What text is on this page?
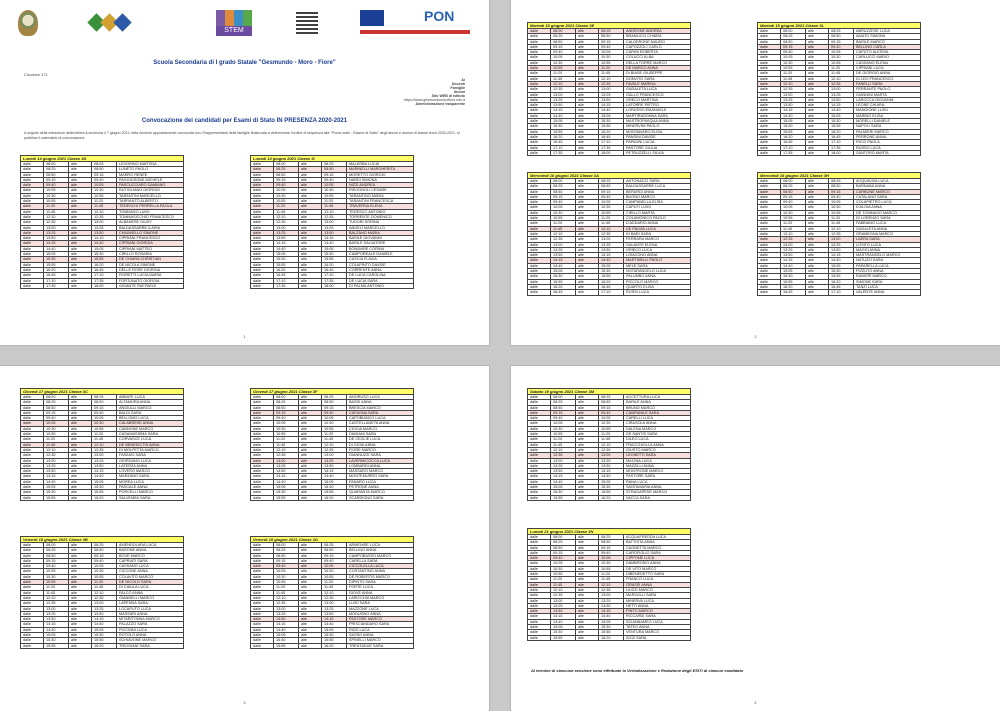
STEM
PON
Scuola Secondaria di I grado Statale "Gesmundo - Moro - Fiore"
Circolare 171
Ai
Docenti
Famiglie
Alunni
Sito WEB di Istituto
https://www.gesmundomorofiore.edu.it
Amministrazione trasparente
Convocazione dei candidati per Esami di Stato IN PRESENZA 2020-2021
A seguito della estrazione della lettera A avvenuta il 7 giugno 2021 nella riunione appositamente convocata con i Rappresentanti delle famiglie finalizzata a determinare l'ordine di sequenza alla "Prova orale - Esame di Stato" degli alunni e alunne di classe terza 2020-2021, si pubblica il calendario di convocazione.
Lunedì 14 giugno 2021 Classe 3D				
dalle	08:00	alle	08:25	LEVORINO MARTINA
dalle	08:25	alle	08:50	LUNETO PAOLO
dalle	08:50	alle	09:15	MARRO RENEE
dalle	09:15	alle	09:40	PAGGIOSONE MICHELE
dalle	09:40	alle	10:05	PASCUCCIARO DAMIANO
dalle	10:05	alle	10:30	RUTIGLIANO GIORGIO
dalle	10:30	alle	10:55	TARANTINI MARCELLO
dalle	10:55	alle	11:20	TARRANTO ALBERTO
dalle	11:20	alle	11:45	TEDESCHI PERRELLA PAOLA
dalle	11:45	alle	12:10	TOMMASO LUIGI
dalle	12:10	alle	12:35	TOMMASICCHIO FRANCESCO
dalle	12:35	alle	13:00	ALBANESE GIUSY
dalle	13:00	alle	13:25	BALDASSARRE ILARIA
dalle	13:25	alle	13:50	CHIUMIELLO SIMONE
dalle	13:50	alle	14:15	CIPRIANI FRANCESCO
dalle	14:15	alle	14:40	CIPRIANI GIORGIA
dalle	14:40	alle	15:05	CIPRIANI MATTEO
dalle	15:05	alle	15:30	CIRILLO ROSARIA
dalle	15:30	alle	15:55	DE CHIARA CHRISTIAN
dalle	15:55	alle	16:20	DE NICOLA SIMONE
dalle	16:20	alle	16:45	DELLE ROSE GIORGIA
dalle	16:45	alle	17:10	FIORETTI LUCIA MARIA
dalle	17:10	alle	17:35	FORTUNATO GIORGIA
dalle	17:35	alle	18:00	GIGANTE RAFFAELE
Lunedì 14 giugno 2021 Classe 3I				
dalle	08:00	alle	08:25	MALERBA LUCIA
dalle	08:25	alle	08:50	MARINELLI MARGHERITA
dalle	08:50	alle	09:15	MORETTO GIORGIO
dalle	09:15	alle	09:40	NARDI SIMONA
dalle	09:40	alle	10:05	NIZZI ANDREA
dalle	10:05	alle	10:30	RISOGNOLI CESARE
dalle	10:30	alle	10:55	TARANTINO MARIA
dalle	10:55	alle	11:20	TARANTINI FRANCESCA
dalle	11:20	alle	11:45	TRAVERSA ELENA
dalle	11:45	alle	12:10	TEDESCO ANTONIO
dalle	12:10	alle	12:35	TORRENTE DOMENICO
dalle	12:35	alle	13:00	TUDORI SORINA
dalle	13:00	alle	13:25	ANGELI MARCELLO
dalle	13:25	alle	13:50	BALZANO MARIA
dalle	13:50	alle	14:15	BASILE GIOVANNI
dalle	14:15	alle	14:40	BARILE SALVATORE
dalle	14:40	alle	15:05	BONAVIRE CORINA
dalle	15:05	alle	15:30	CAMPOREALE DANIELE
dalle	15:30	alle	15:55	CASCIA FLAVIA
dalle	15:55	alle	16:20	COLAPINTO DAVIDE
dalle	16:20	alle	16:45	CORRENTE ANNA
dalle	16:45	alle	17:10	DE LUCA CAROLINA
dalle	17:10	alle	17:35	DE LUCIA SARA
dalle	17:35	alle	18:00	DI PALMA ANTONIO
1
Martedì 15 giugno 2021 Classe 3E				
dalle	08:00	alle	08:25	ANDRONE ANDREA
dalle	08:25	alle	08:50	BRAMUCCI CHIARA
dalle	08:50	alle	09:15	CALDERONE MAURO
dalle	09:15	alle	09:40	CAPOZZOLI CARLO
dalle	09:40	alle	10:05	CARINI ROBERTA
dalle	10:05	alle	10:30	COLUCCI ALBA
dalle	10:30	alle	10:55	DELLA TORRE MARCO
dalle	10:55	alle	11:20	DE MARCO ANNA
dalle	11:20	alle	11:45	DI BIASE GIUSEPPE
dalle	11:45	alle	12:10	DONVITO SARA
dalle	12:10	alle	12:35	FAVALE MARINA
dalle	12:35	alle	13:00	GADALETA LUCA
dalle	13:00	alle	13:25	GALLO FRANCESCO
dalle	13:25	alle	13:50	GRECO MARTINA
dalle	13:50	alle	14:15	LATORRE PIETRO
dalle	14:15	alle	14:40	LORUSSO EMANUELE
dalle	14:40	alle	15:05	MARTIRADONNA SARA
dalle	15:05	alle	15:30	MASTROPASQUA ANNA
dalle	15:30	alle	15:55	MINERVINI PAOLO
dalle	15:55	alle	16:20	MONTANARO ELISA
dalle	16:20	alle	16:45	PANSINI DAVIDE
dalle	16:45	alle	17:10	PAPAGNI LUCIA
dalle	17:10	alle	17:35	PASTORE GIULIA
dalle	17:35	alle	18:00	PETRUZZELLI SILVIA
Martedì 15 giugno 2021 Classe 3L				
dalle	08:00	alle	08:25	ABRUZZESE LUCA
dalle	08:25	alle	08:50	AMATO SIMONA
dalle	08:50	alle	09:15	BARILE MARCO
dalle	09:15	alle	09:40	BELLINO CARLA
dalle	09:40	alle	10:05	CAPUTO ALESSIA
dalle	10:05	alle	10:30	CARLUCCI MARIO
dalle	10:30	alle	10:55	CASSANO ELENA
dalle	10:55	alle	11:20	CIPRIANI LUCA
dalle	11:20	alle	11:45	DE GIORGIO ANNA
dalle	11:45	alle	12:10	DI LEO FRANCESCO
dalle	12:10	alle	12:35	FANELLI SARA
dalle	12:35	alle	13:00	FERRANTE PAOLO
dalle	13:00	alle	13:25	GIANNINI MARTA
dalle	13:25	alle	13:50	LAROCCA GIOVANNI
dalle	13:50	alle	14:15	LEONE CHIARA
dalle	14:15	alle	14:40	MANGIONE LUIGI
dalle	14:40	alle	15:05	MARINO ELISA
dalle	15:05	alle	15:30	MORELLI DANIELE
dalle	15:30	alle	15:55	NAPOLI SARA
dalle	15:55	alle	16:20	PALMIERI MARCO
dalle	16:20	alle	16:45	PERRONE ANNA
dalle	16:45	alle	17:10	RICCI PAOLA
dalle	17:10	alle	17:35	RUSSO LUCA
dalle	17:35	alle	18:00	SANTORO MARTA
Mercoledì 16 giugno 2021 Classe 3A				
dalle	08:00	alle	08:25	ANTONACCI SARA
dalle	08:25	alle	08:50	BALDASSARRE LUCA
dalle	08:50	alle	09:15	BERARDI ANNA
dalle	09:15	alle	09:40	BUONO MARCO
dalle	09:40	alle	10:05	CAMPANELLA ELISA
dalle	10:05	alle	10:30	CAPUTI LUIGI
dalle	10:30	alle	10:55	CIRILLO MARTA
dalle	10:55	alle	11:20	COLAMONICO PAOLO
dalle	11:20	alle	11:45	D'ADDARIO ANNA
dalle	11:45	alle	12:10	DE PALMA LUCA
dalle	12:10	alle	12:35	DI BARI SARA
dalle	12:35	alle	13:00	FERRARA MARCO
dalle	13:00	alle	13:25	GALANTE ELENA
dalle	13:25	alle	13:50	GRIECO LUCA
dalle	13:50	alle	14:15	LOIACONO ANNA
dalle	14:15	alle	14:40	MARTINELLI PAOLO
dalle	14:40	alle	15:05	MELE SARA
dalle	15:05	alle	15:30	NOTARANGELO LUCA
dalle	15:30	alle	15:55	PALUMBO ANNA
dalle	15:55	alle	16:20	PICCOLO MARCO
dalle	16:20	alle	16:45	QUARTO ELISA
dalle	16:45	alle	17:10	ROSSI LUCA
Mercoledì 16 giugno 2021 Classe 3H				
dalle	08:00	alle	08:25	ACQUAVIVA LUCA
dalle	08:25	alle	08:50	BARNABA ANNA
dalle	08:50	alle	09:15	CARBONE MARCO
dalle	09:15	alle	09:40	CATALANO SARA
dalle	09:40	alle	10:05	COLAPIETRO LUCA
dalle	10:05	alle	10:30	D'ALOIA ANNA
dalle	10:30	alle	10:55	DE TOMMASO MARCO
dalle	10:55	alle	11:20	DI LORENZO SARA
dalle	11:20	alle	11:45	FABBIANO LUCA
dalle	11:45	alle	12:10	GADALETA ANNA
dalle	12:10	alle	12:35	GRAMEGNA MARCO
dalle	12:35	alle	13:00	LAERA SARA
dalle	13:00	alle	13:25	LOSITO LUCA
dalle	13:25	alle	13:50	MAGGI ANNA
dalle	13:50	alle	14:15	MASTRANGELO MARCO
dalle	14:15	alle	14:40	NATUZZI SARA
dalle	14:40	alle	15:05	PAPARELLA LUCA
dalle	15:05	alle	15:30	PIZZUTO ANNA
dalle	15:30	alle	15:55	RANIERI MARCO
dalle	15:55	alle	16:20	SIMONE SARA
dalle	16:20	alle	16:45	TANZI LUCA
dalle	16:45	alle	17:10	VALENTE ANNA
2
Giovedì 17 giugno 2021 Classe 3C				
dalle	08:00	alle	08:25	ABBATE LUCA
dalle	08:25	alle	08:50	ALTAMURA ANNA
dalle	08:50	alle	09:15	ANGIULLI MARCO
dalle	09:15	alle	09:40	BALDI SARA
dalle	09:40	alle	10:05	BELLOMO LUCA
dalle	10:05	alle	10:30	CALABRESE ANNA
dalle	10:30	alle	10:55	CANNONE MARCO
dalle	10:55	alle	11:20	CASAMASSIMA SARA
dalle	11:20	alle	11:45	CORVASCE LUCA
dalle	11:45	alle	12:10	DE BENEDICTIS ANNA
dalle	12:10	alle	12:35	DI MOLFETTA MARCO
dalle	12:35	alle	13:00	FASANO SARA
dalle	13:00	alle	13:25	GIORDANO LUCA
dalle	13:25	alle	13:50	LATERZA ANNA
dalle	13:50	alle	14:15	LOVERO MARCO
dalle	14:15	alle	14:40	MARZANO SARA
dalle	14:40	alle	15:05	MOREA LUCA
dalle	15:05	alle	15:30	PASCALE ANNA
dalle	15:30	alle	15:55	PORCELLI MARCO
dalle	15:55	alle	16:20	SALVEMINI SARA
Giovedì 17 giugno 2021 Classe 3F				
dalle	08:00	alle	08:25	AMORUSO LUCA
dalle	08:25	alle	08:50	BASSI ANNA
dalle	08:50	alle	09:15	BRESCIA MARCO
dalle	09:15	alle	09:40	CAFAGNA SARA
dalle	09:40	alle	10:05	CAPOBIANCO LUCA
dalle	10:05	alle	10:30	CASTELLANETA ANNA
dalle	10:30	alle	10:55	CIOCIA MARCO
dalle	10:55	alle	11:20	DAMIANI SARA
dalle	11:20	alle	11:45	DE CEGLIE LUCA
dalle	11:45	alle	12:10	DI GIOIA ANNA
dalle	12:10	alle	12:35	FIORE MARCO
dalle	12:35	alle	13:00	GIANNUZZI SARA
dalle	13:00	alle	13:25	LAVERMICOCCA LUCA
dalle	13:25	alle	13:50	LOMBARDI ANNA
dalle	13:50	alle	14:15	MASSARO MARCO
dalle	14:15	alle	14:40	MONTEMURRO SARA
dalle	14:40	alle	15:05	PANARO LUCA
dalle	15:05	alle	15:30	PETRONE ANNA
dalle	15:30	alle	15:55	QUARANTA MARCO
dalle	15:55	alle	16:20	SCARDIGNO SARA
Venerdì 18 giugno 2021 Classe 3B				
dalle	08:00	alle	08:25	AMENDOLARA LUCA
dalle	08:25	alle	08:50	BARONE ANNA
dalle	08:50	alle	09:15	BOVE MARCO
dalle	09:15	alle	09:40	CAPRIATI SARA
dalle	09:40	alle	10:05	CASSANO LUCA
dalle	10:05	alle	10:30	CICCONE ANNA
dalle	10:30	alle	10:55	COLAVITO MARCO
dalle	10:55	alle	11:20	DE NICOLO SARA
dalle	11:20	alle	11:45	DI CIAULA LUCA
dalle	11:45	alle	12:10	FALCO ANNA
dalle	12:10	alle	12:35	GIANNELLI MARCO
dalle	12:35	alle	13:00	LAPENNA SARA
dalle	13:00	alle	13:25	LOCAPUTO LUCA
dalle	13:25	alle	13:50	MASSARI ANNA
dalle	13:50	alle	14:15	MITARITONNA MARCO
dalle	14:15	alle	14:40	PALAZZO SARA
dalle	14:40	alle	15:05	PICCINNI LUCA
dalle	15:05	alle	15:30	ROTOLO ANNA
dalle	15:30	alle	15:55	SCHIAVONE MARCO
dalle	15:55	alle	16:20	TRIGGIANI SARA
Venerdì 18 giugno 2021 Classe 3G				
dalle	08:00	alle	08:25	ARMENISE LUCA
dalle	08:25	alle	08:50	BELLINO ANNA
dalle	08:50	alle	09:15	CAMPOBASSO MARCO
dalle	09:15	alle	09:40	CARELLA SARA
dalle	09:40	alle	10:05	CICCOLELLA LUCA
dalle	10:05	alle	10:30	COSTANTINO ANNA
dalle	10:30	alle	10:55	DE ROBERTIS MARCO
dalle	10:55	alle	11:20	DIPINTO SARA
dalle	11:20	alle	11:45	FORTE LUCA
dalle	11:45	alle	12:10	GIOVE ANNA
dalle	12:10	alle	12:35	LARICCHIA MARCO
dalle	12:35	alle	13:00	LUISI SARA
dalle	13:00	alle	13:25	MAZZONE LUCA
dalle	13:25	alle	13:50	MODUGNO ANNA
dalle	13:50	alle	14:15	PASTORE MARCO
dalle	14:15	alle	14:40	PRISCIANDARO SARA
dalle	14:40	alle	15:05	RIZZI LUCA
dalle	15:05	alle	15:30	SASSO ANNA
dalle	15:30	alle	15:55	SPINELLI MARCO
dalle	15:55	alle	16:20	TRENTADUE SARA
3
Sabato 19 giugno 2021 Classe 3M				
dalle	08:00	alle	08:25	ACCETTURA LUCA
dalle	08:25	alle	08:50	BARILE ANNA
dalle	08:50	alle	09:15	BRUNO MARCO
dalle	09:15	alle	09:40	CAMPANILE SARA
dalle	09:40	alle	10:05	CARELLI LUCA
dalle	10:05	alle	10:30	CIRASOLA ANNA
dalle	10:30	alle	10:55	DALENA MARCO
dalle	10:55	alle	11:20	DE SANTIS SARA
dalle	11:20	alle	11:45	DILEO LUCA
dalle	11:45	alle	12:10	FRACCHIOLLA ANNA
dalle	12:10	alle	12:35	GIUSTO MARCO
dalle	12:35	alle	13:00	LEONETTI SARA
dalle	13:00	alle	13:25	MACINA LUCA
dalle	13:25	alle	13:50	MAZZILLI ANNA
dalle	13:50	alle	14:15	MONTRONE MARCO
dalle	14:15	alle	14:40	PASTORE SARA
dalle	14:40	alle	15:05	RANA LUCA
dalle	15:05	alle	15:30	SANTAMARIA ANNA
dalle	15:30	alle	15:55	STRAGAPEDE MARCO
dalle	15:55	alle	16:20	VACCA SARA
Lunedì 21 giugno 2021 Classe 3N				
dalle	08:00	alle	08:25	ACQUAFREDDA LUCA
dalle	08:25	alle	08:50	BATTISTA ANNA
dalle	08:50	alle	09:15	CAGNETTA MARCO
dalle	09:15	alle	09:40	CAROFIGLIO SARA
dalle	09:40	alle	10:05	CIPPONE LUCA
dalle	10:05	alle	10:30	DAMBROSIO ANNA
dalle	10:30	alle	10:55	DE VITO MARCO
dalle	10:55	alle	11:20	DIBENEDETTO SARA
dalle	11:20	alle	11:45	FRANCO LUCA
dalle	11:45	alle	12:10	GRASSI ANNA
dalle	12:10	alle	12:35	LIUZZI MARCO
dalle	12:35	alle	13:00	MARVULLI SARA
dalle	13:00	alle	13:25	MINERVA LUCA
dalle	13:25	alle	13:50	NETTI ANNA
dalle	13:50	alle	14:15	PINTO MARCO
dalle	14:15	alle	14:40	RICCARDI SARA
dalle	14:40	alle	15:05	SCIANNAMEO LUCA
dalle	15:05	alle	15:30	TATEO ANNA
dalle	15:30	alle	15:55	VENTURA MARCO
dalle	15:55	alle	16:20	ZIZZI SARA
Al termine di ciascuna sessione sono effettuate la Verbalizzazione e Redazione degli ESITI di ciascun candidato
4
